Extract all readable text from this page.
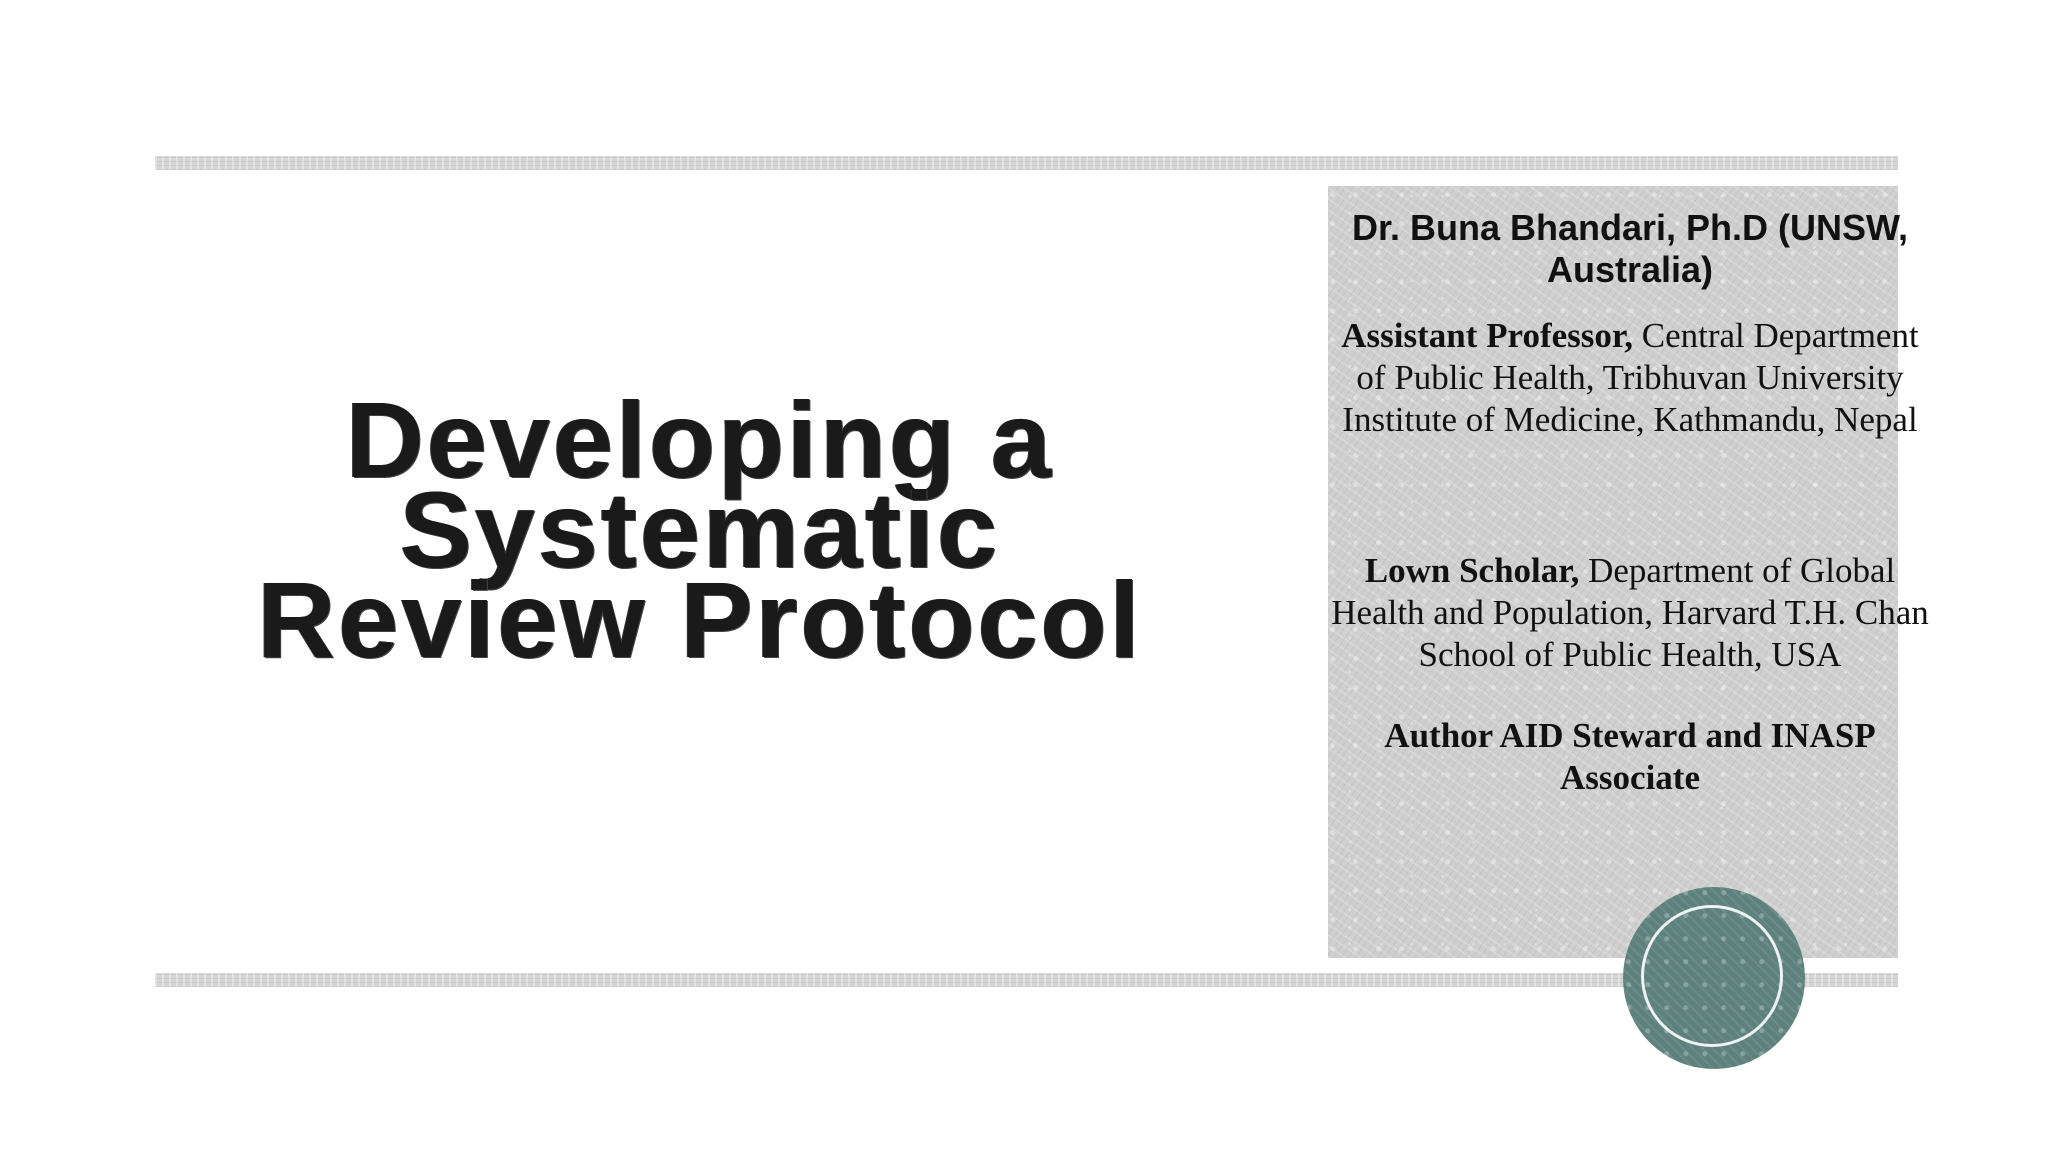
Developing a
Systematic
Review Protocol
Dr. Buna Bhandari, Ph.D (UNSW, Australia)
Assistant Professor, Central Department of Public Health, Tribhuvan University Institute of Medicine, Kathmandu, Nepal
Lown Scholar, Department of Global Health and Population, Harvard T.H. Chan School of Public Health, USA
Author AID Steward and INASP Associate
